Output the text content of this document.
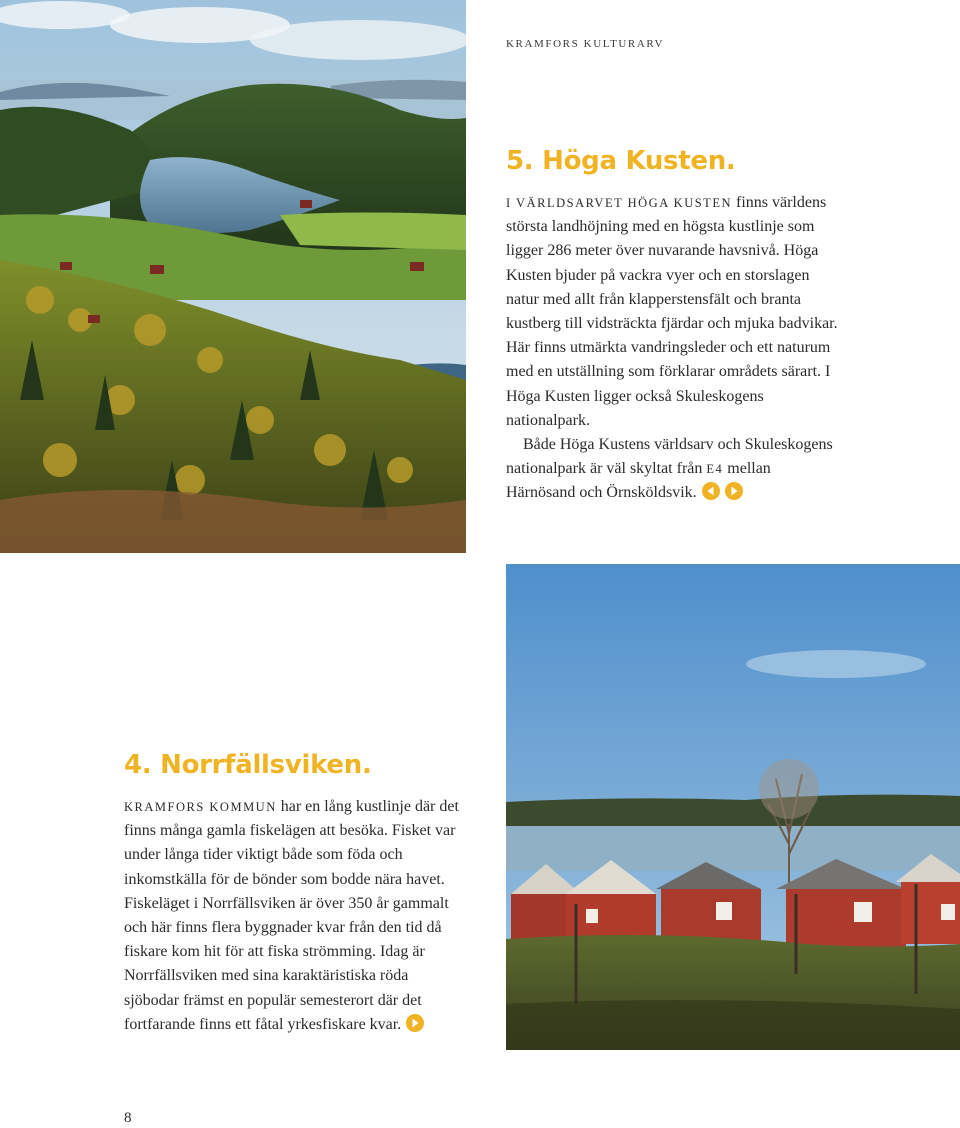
KRAMFORS KULTURARV
5. Höga Kusten.
I VÄRLDSARVET HÖGA KUSTEN finns världens största landhöjning med en högsta kustlinje som ligger 286 meter över nuvarande havsnivå. Höga Kusten bjuder på vackra vyer och en storslagen natur med allt från klapperstensfält och branta kustberg till vidsträckta fjärdar och mjuka badvikar. Här finns utmärkta vandringsleder och ett naturum med en utställning som förklarar områdets särart. I Höga Kusten ligger också Skuleskogens nationalpark.
Både Höga Kustens världsarv och Skuleskogens nationalpark är väl skyltat från E4 mellan Härnösand och Örnsköldsvik.
4. Norrfällsviken.
KRAMFORS KOMMUN har en lång kustlinje där det finns många gamla fiskelägen att besöka. Fisket var under långa tider viktigt både som föda och inkomstkälla för de bönder som bodde nära havet. Fiskeläget i Norrfällsviken är över 350 år gammalt och här finns flera byggnader kvar från den tid då fiskare kom hit för att fiska strömming. Idag är Norrfällsviken med sina karaktäristiska röda sjöbodar främst en populär semesterort där det fortfarande finns ett fåtal yrkesfiskare kvar.
8
